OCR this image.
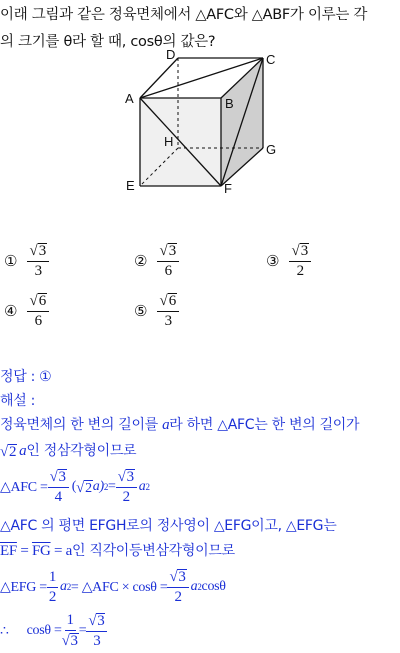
이래 그림과 같은 정육면체에서 △AFC와 △ABF가 이루는 각
의 크기를 θ라 할 때, cosθ의 값은?
A	B
C
D
E	F
G
H
① $\frac{√ 3}{3}$	② $\frac{√ 3}{6}$	③ $\frac{√ 3}{2}$
④ $\frac{√ 6}{6}$	⑤ $\frac{√ 6}{3}$
정답 : ①
해설 :
정육면체의 한 변의 길이를 a라 하면 △AFC는 한 변의 길이가
√ 2 a 인 정삼각형이므로
△AFC = $\frac{√ 3}{4}$ ( √ 2 a) $2 = \frac{√ 3}{2}$ a 2
△AFC 의 평면 EFGH로의 정사영이 △EFG이고, △EFG는
$\overline{EF} = \overline{FG} = a$인 직각이등변삼각형이므로
△EFG = $\frac{1}{2}$ a 2 = △AFC × $\cos\theta = \frac{√ 3}{2}$ a 2 cosθ
∴ $\cos\theta = \frac{1}{√ 3} = \frac{√ 3}{3}$
